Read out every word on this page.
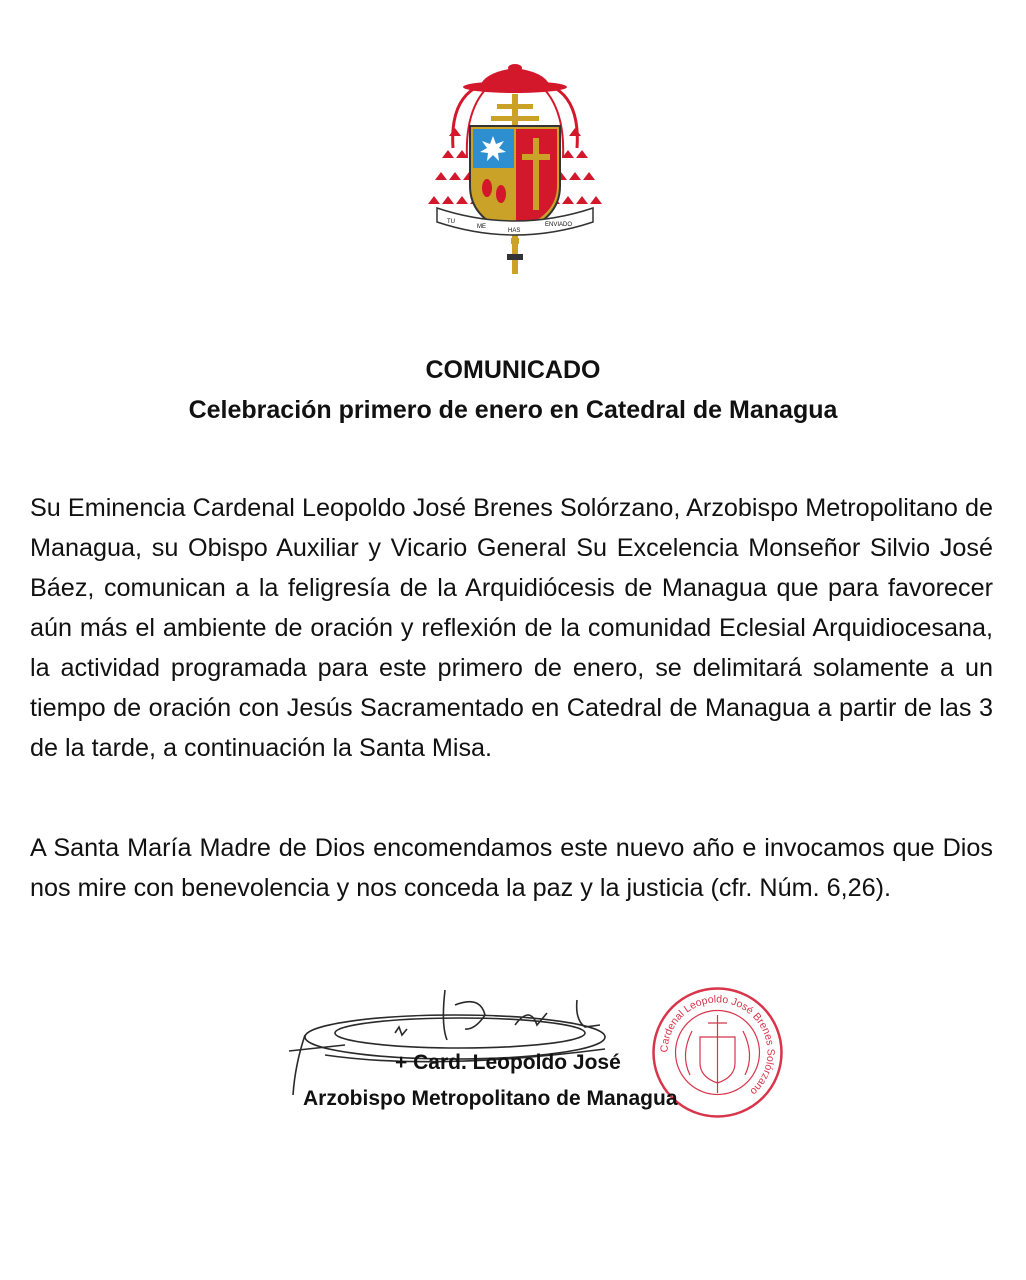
TU
ME
HAS
ENVIADO
COMUNICADO
Celebración primero de enero en Catedral de Managua
Su Eminencia Cardenal Leopoldo José Brenes Solórzano, Arzobispo Metropolitano de Managua, su Obispo Auxiliar y Vicario General Su Excelencia Monseñor Silvio José Báez, comunican a la feligresía de la Arquidiócesis de Managua que para favorecer aún más el ambiente de oración y reflexión de la comunidad Eclesial Arquidiocesana, la actividad programada para este primero de enero, se delimitará solamente a un tiempo de oración con Jesús Sacramentado en Catedral de Managua a partir de las 3 de la tarde, a continuación la Santa Misa.
A Santa María Madre de Dios encomendamos este nuevo año e invocamos que Dios nos mire con benevolencia y nos conceda la paz y la justicia (cfr. Núm. 6,26).
Cardenal Leopoldo José Brenes Solórzano
+ Card. Leopoldo José
Arzobispo Metropolitano de Managua
